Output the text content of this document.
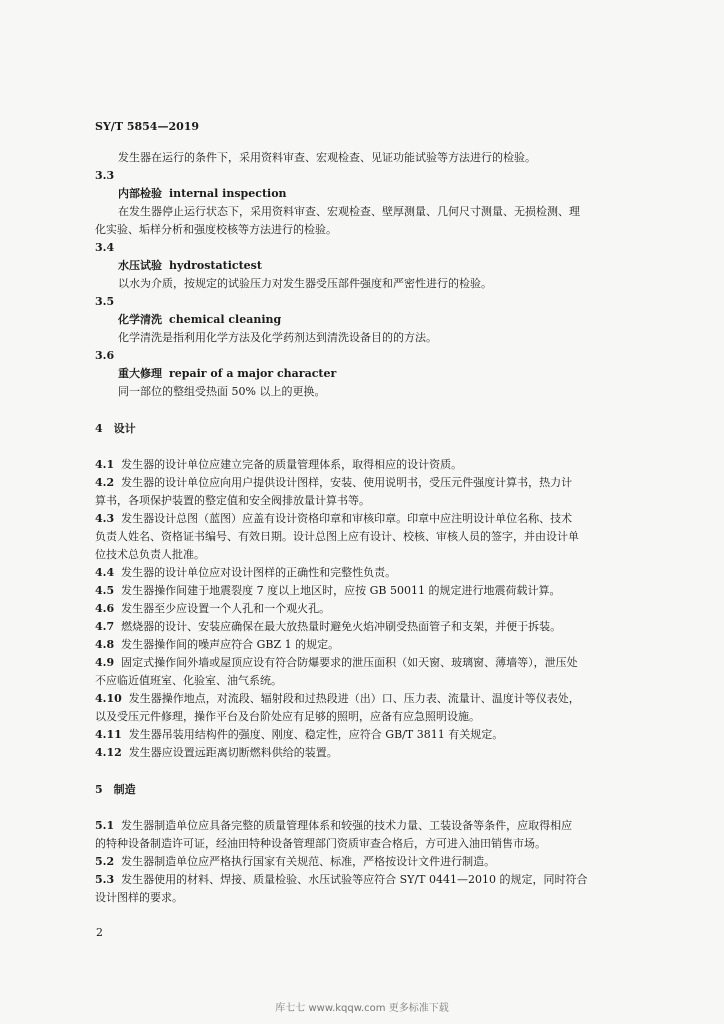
SY/T 5854—2019
发生器在运行的条件下，采用资料审查、宏观检查、见证功能试验等方法进行的检验。
3.3
内部检验 internal inspection
在发生器停止运行状态下，采用资料审查、宏观检查、壁厚测量、几何尺寸测量、无损检测、理
化实验、垢样分析和强度校核等方法进行的检验。
3.4
水压试验 hydrostatictest
以水为介质，按规定的试验压力对发生器受压部件强度和严密性进行的检验。
3.5
化学清洗 chemical cleaning
化学清洗是指利用化学方法及化学药剂达到清洗设备目的的方法。
3.6
重大修理 repair of a major character
同一部位的整组受热面 50% 以上的更换。
4　设计
4.1 发生器的设计单位应建立完备的质量管理体系，取得相应的设计资质。
4.2 发生器的设计单位应向用户提供设计图样，安装、使用说明书，受压元件强度计算书，热力计
算书，各项保护装置的整定值和安全阀排放量计算书等。
4.3 发生器设计总图（蓝图）应盖有设计资格印章和审核印章。印章中应注明设计单位名称、技术
负责人姓名、资格证书编号、有效日期。设计总图上应有设计、校核、审核人员的签字，并由设计单
位技术总负责人批准。
4.4 发生器的设计单位应对设计图样的正确性和完整性负责。
4.5 发生器操作间建于地震裂度 7 度以上地区时，应按 GB 50011 的规定进行地震荷载计算。
4.6 发生器至少应设置一个人孔和一个观火孔。
4.7 燃烧器的设计、安装应确保在最大放热量时避免火焰冲刷受热面管子和支架，并便于拆装。
4.8 发生器操作间的噪声应符合 GBZ 1 的规定。
4.9 固定式操作间外墙或屋顶应设有符合防爆要求的泄压面积（如天窗、玻璃窗、薄墙等），泄压处
不应临近值班室、化验室、油气系统。
4.10 发生器操作地点，对流段、辐射段和过热段进（出）口、压力表、流量计、温度计等仪表处，
以及受压元件修理，操作平台及台阶处应有足够的照明，应备有应急照明设施。
4.11 发生器吊装用结构件的强度、刚度、稳定性，应符合 GB/T 3811 有关规定。
4.12 发生器应设置远距离切断燃料供给的装置。
5　制造
5.1 发生器制造单位应具备完整的质量管理体系和较强的技术力量、工装设备等条件，应取得相应
的特种设备制造许可证，经油田特种设备管理部门资质审查合格后，方可进入油田销售市场。
5.2 发生器制造单位应严格执行国家有关规范、标准，严格按设计文件进行制造。
5.3 发生器使用的材料、焊接、质量检验、水压试验等应符合 SY/T 0441—2010 的规定，同时符合
设计图样的要求。
2
库七七 www.kqqw.com 更多标准下载
